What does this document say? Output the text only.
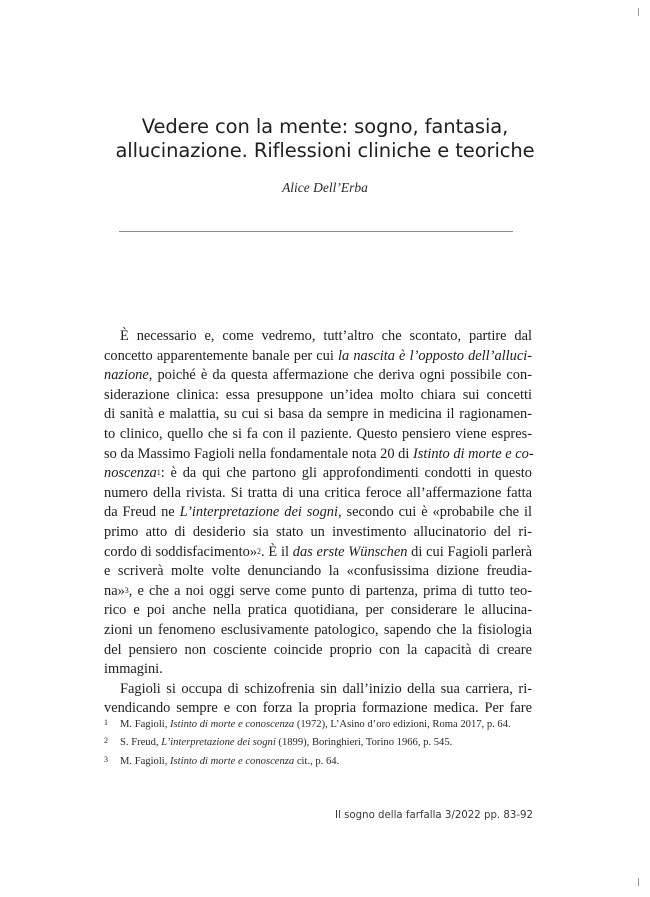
Vedere con la mente: sogno, fantasia,
allucinazione. Riflessioni cliniche e teoriche
Alice Dell’Erba
È necessario e, come vedremo, tutt’altro che scontato, partire dal
concetto apparentemente banale per cui la nascita è l’opposto dell’alluci-
nazione, poiché è da questa affermazione che deriva ogni possibile con-
siderazione clinica: essa presuppone un’idea molto chiara sui concetti
di sanità e malattia, su cui si basa da sempre in medicina il ragionamen-
to clinico, quello che si fa con il paziente. Questo pensiero viene espres-
so da Massimo Fagioli nella fondamentale nota 20 di Istinto di morte e co-
noscenza$^1$: è da qui che partono gli approfondimenti condotti in questo
numero della rivista. Si tratta di una critica feroce all’affermazione fatta
da Freud ne L’interpretazione dei sogni, secondo cui è «probabile che il
primo atto di desiderio sia stato un investimento allucinatorio del ri-
cordo di soddisfacimento»$^2$. È il das erste Wünschen di cui Fagioli parlerà
e scriverà molte volte denunciando la «confusissima dizione freudia-
na»$^3$, e che a noi oggi serve come punto di partenza, prima di tutto teo-
rico e poi anche nella pratica quotidiana, per considerare le allucina-
zioni un fenomeno esclusivamente patologico, sapendo che la fisiologia
del pensiero non cosciente coincide proprio con la capacità di creare
immagini.
Fagioli si occupa di schizofrenia sin dall’inizio della sua carriera, ri-
vendicando sempre e con forza la propria formazione medica. Per fare
1	M. Fagioli, Istinto di morte e conoscenza (1972), L’Asino d’oro edizioni, Roma 2017, p. 64.
2	S. Freud, L’interpretazione dei sogni (1899), Boringhieri, Torino 1966, p. 545.
3	M. Fagioli, Istinto di morte e conoscenza cit., p. 64.
Il sogno della farfalla 3/2022 pp. 83-92
